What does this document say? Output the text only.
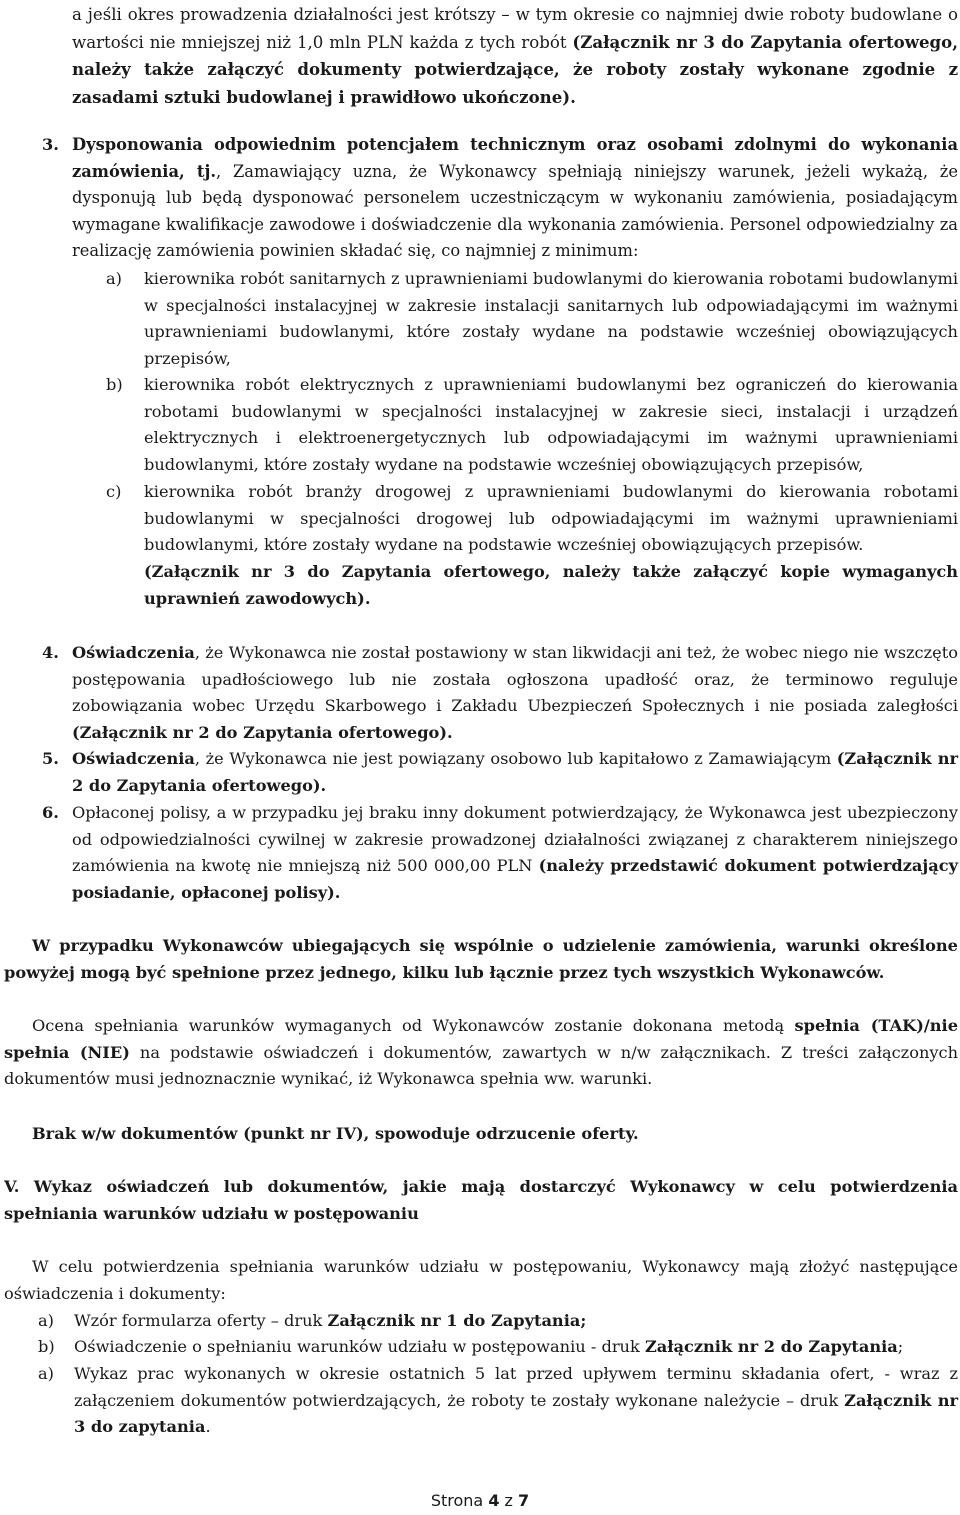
a jeśli okres prowadzenia działalności jest krótszy – w tym okresie co najmniej dwie roboty budowlane o wartości nie mniejszej niż 1,0 mln PLN każda z tych robót (Załącznik nr 3 do Zapytania ofertowego, należy także załączyć dokumenty potwierdzające, że roboty zostały wykonane zgodnie z zasadami sztuki budowlanej i prawidłowo ukończone).

3. Dysponowania odpowiednim potencjałem technicznym oraz osobami zdolnymi do wykonania zamówienia, tj., Zamawiający uzna, że Wykonawcy spełniają niniejszy warunek, jeżeli wykażą, że dysponują lub będą dysponować personelem uczestniczącym w wykonaniu zamówienia, posiadającym wymagane kwalifikacje zawodowe i doświadczenie dla wykonania zamówienia. Personel odpowiedzialny za realizację zamówienia powinien składać się, co najmniej z minimum:

a)	kierownika robót sanitarnych z uprawnieniami budowlanymi do kierowania robotami budowlanymi w specjalności instalacyjnej w zakresie instalacji sanitarnych lub odpowiadającymi im ważnymi uprawnieniami budowlanymi, które zostały wydane na podstawie wcześniej obowiązujących przepisów,

b)	kierownika robót elektrycznych z uprawnieniami budowlanymi bez ograniczeń do kierowania robotami budowlanymi w specjalności instalacyjnej w zakresie sieci, instalacji i urządzeń elektrycznych i elektroenergetycznych lub odpowiadającymi im ważnymi uprawnieniami budowlanymi, które zostały wydane na podstawie wcześniej obowiązujących przepisów,

c)	kierownika robót branży drogowej z uprawnieniami budowlanymi do kierowania robotami budowlanymi w specjalności drogowej lub odpowiadającymi im ważnymi uprawnieniami budowlanymi, które zostały wydane na podstawie wcześniej obowiązujących przepisów.

(Załącznik nr 3 do Zapytania ofertowego, należy także załączyć kopie wymaganych uprawnień zawodowych).

4. Oświadczenia, że Wykonawca nie został postawiony w stan likwidacji ani też, że wobec niego nie wszczęto postępowania upadłościowego lub nie została ogłoszona upadłość oraz, że terminowo reguluje zobowiązania wobec Urzędu Skarbowego i Zakładu Ubezpieczeń Społecznych i nie posiada zaległości (Załącznik nr 2 do Zapytania ofertowego).

5. Oświadczenia, że Wykonawca nie jest powiązany osobowo lub kapitałowo z Zamawiającym (Załącznik nr 2 do Zapytania ofertowego).

6. Opłaconej polisy, a w przypadku jej braku inny dokument potwierdzający, że Wykonawca jest ubezpieczony od odpowiedzialności cywilnej w zakresie prowadzonej działalności związanej z charakterem niniejszego zamówienia na kwotę nie mniejszą niż 500 000,00 PLN (należy przedstawić dokument potwierdzający posiadanie, opłaconej polisy).

W przypadku Wykonawców ubiegających się wspólnie o udzielenie zamówienia, warunki określone powyżej mogą być spełnione przez jednego, kilku lub łącznie przez tych wszystkich Wykonawców.

Ocena spełniania warunków wymaganych od Wykonawców zostanie dokonana metodą spełnia (TAK)/nie spełnia (NIE) na podstawie oświadczeń i dokumentów, zawartych w n/w załącznikach. Z treści załączonych dokumentów musi jednoznacznie wynikać, iż Wykonawca spełnia ww. warunki.

Brak w/w dokumentów (punkt nr IV), spowoduje odrzucenie oferty.

V. Wykaz oświadczeń lub dokumentów, jakie mają dostarczyć Wykonawcy w celu potwierdzenia spełniania warunków udziału w postępowaniu

W celu potwierdzenia spełniania warunków udziału w postępowaniu, Wykonawcy mają złożyć następujące oświadczenia i dokumenty:

a)	Wzór formularza oferty – druk Załącznik nr 1 do Zapytania;

b)	Oświadczenie o spełnianiu warunków udziału w postępowaniu - druk Załącznik nr 2 do Zapytania;

a)	Wykaz prac wykonanych w okresie ostatnich 5 lat przed upływem terminu składania ofert, - wraz z załączeniem dokumentów potwierdzających, że roboty te zostały wykonane należycie – druk Załącznik nr 3 do zapytania.

Strona 4 z 7
